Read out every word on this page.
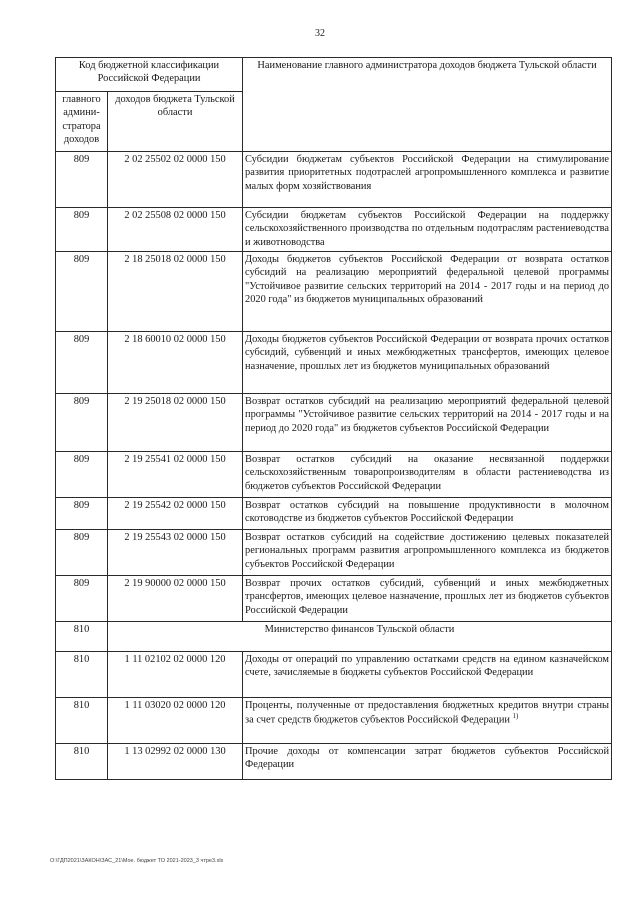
32
Код бюджетной классификации Российской Федерации		Наименование главного администратора доходов бюджета Тульской области
главного админи-стратора доходов	доходов бюджета Тульской области	
809	2 02 25502 02 0000 150	Субсидии бюджетам субъектов Российской Федерации на стимулирование развития приоритетных подотраслей агропромышленного комплекса и развитие малых форм хозяйствования
809	2 02 25508 02 0000 150	Субсидии бюджетам субъектов Российской Федерации на поддержку сельскохозяйственного производства по отдельным подотраслям растениеводства и животноводства
809	2 18 25018 02 0000 150	Доходы бюджетов субъектов Российской Федерации от возврата остатков субсидий на реализацию мероприятий федеральной целевой программы "Устойчивое развитие сельских территорий на 2014 - 2017 годы и на период до 2020 года" из бюджетов муниципальных образований
809	2 18 60010 02 0000 150	Доходы бюджетов субъектов Российской Федерации от возврата прочих остатков субсидий, субвенций и иных межбюджетных трансфертов, имеющих целевое назначение, прошлых лет из бюджетов муниципальных образований
809	2 19 25018 02 0000 150	Возврат остатков субсидий на реализацию мероприятий федеральной целевой программы "Устойчивое развитие сельских территорий на 2014 - 2017 годы и на период до 2020 года" из бюджетов субъектов Российской Федерации
809	2 19 25541 02 0000 150	Возврат остатков субсидий на оказание несвязанной поддержки сельскохозяйственным товаропроизводителям в области растениеводства из бюджетов субъектов Российской Федерации
809	2 19 25542 02 0000 150	Возврат остатков субсидий на повышение продуктивности в молочном скотоводстве из бюджетов субъектов Российской Федерации
809	2 19 25543 02 0000 150	Возврат остатков субсидий на содействие достижению целевых показателей региональных программ развития агропромышленного комплекса из бюджетов субъектов Российской Федерации
809	2 19 90000 02 0000 150	Возврат прочих остатков субсидий, субвенций и иных межбюджетных трансфертов, имеющих целевое назначение, прошлых лет из бюджетов субъектов Российской Федерации
810	Министерство финансов Тульской области	
810	1 11 02102 02 0000 120	Доходы от операций по управлению остатками средств на едином казначейском счете, зачисляемые в бюджеты субъектов Российской Федерации
810	1 11 03020 02 0000 120	Проценты, полученные от предоставления бюджетных кредитов внутри страны за счет средств бюджетов субъектов Российской Федерации $^{1)}$
810	1 13 02992 02 0000 130	Прочие доходы от компенсации затрат бюджетов субъектов Российской Федерации
O:\ГДП2021\ЗАКОН\ЗАС_21\Мое. бюджет ТО 2021-2023_3 чтре3.xls
